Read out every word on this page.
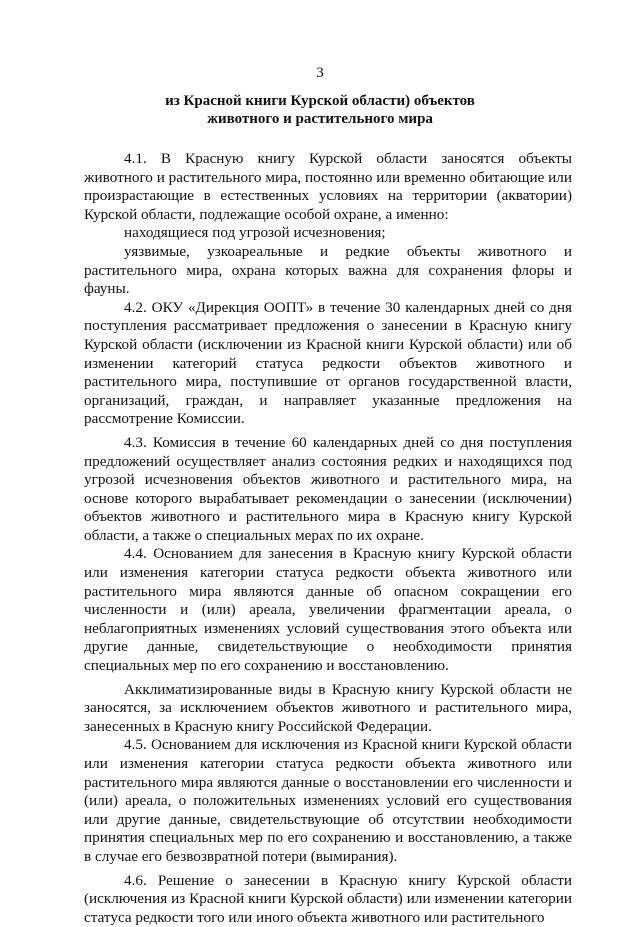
3
из Красной книги Курской области) объектов
животного и растительного мира

4.1. В Красную книгу Курской области заносятся объекты животного и растительного мира, постоянно или временно обитающие или произрастающие в естественных условиях на территории (акватории) Курской области, подлежащие особой охране, а именно:

находящиеся под угрозой исчезновения;

уязвимые, узкоареальные и редкие объекты животного и растительного мира, охрана которых важна для сохранения флоры и фауны.

4.2. ОКУ «Дирекция ООПТ» в течение 30 календарных дней со дня поступления рассматривает предложения о занесении в Красную книгу Курской области (исключении из Красной книги Курской области) или об изменении категорий статуса редкости объектов животного и растительного мира, поступившие от органов государственной власти, организаций, граждан, и направляет указанные предложения на рассмотрение Комиссии.

4.3. Комиссия в течение 60 календарных дней со дня поступления предложений осуществляет анализ состояния редких и находящихся под угрозой исчезновения объектов животного и растительного мира, на основе которого вырабатывает рекомендации о занесении (исключении) объектов животного и растительного мира в Красную книгу Курской области, а также о специальных мерах по их охране.

4.4. Основанием для занесения в Красную книгу Курской области или изменения категории статуса редкости объекта животного или растительного мира являются данные об опасном сокращении его численности и (или) ареала, увеличении фрагментации ареала, о неблагоприятных изменениях условий существования этого объекта или другие данные, свидетельствующие о необходимости принятия специальных мер по его сохранению и восстановлению.

Акклиматизированные виды в Красную книгу Курской области не заносятся, за исключением объектов животного и растительного мира, занесенных в Красную книгу Российской Федерации.

4.5. Основанием для исключения из Красной книги Курской области или изменения категории статуса редкости объекта животного или растительного мира являются данные о восстановлении его численности и (или) ареала, о положительных изменениях условий его существования или другие данные, свидетельствующие об отсутствии необходимости принятия специальных мер по его сохранению и восстановлению, а также в случае его безвозвратной потери (вымирания).

4.6. Решение о занесении в Красную книгу Курской области (исключения из Красной книги Курской области) или изменении категории статуса редкости того или иного объекта животного или растительного
